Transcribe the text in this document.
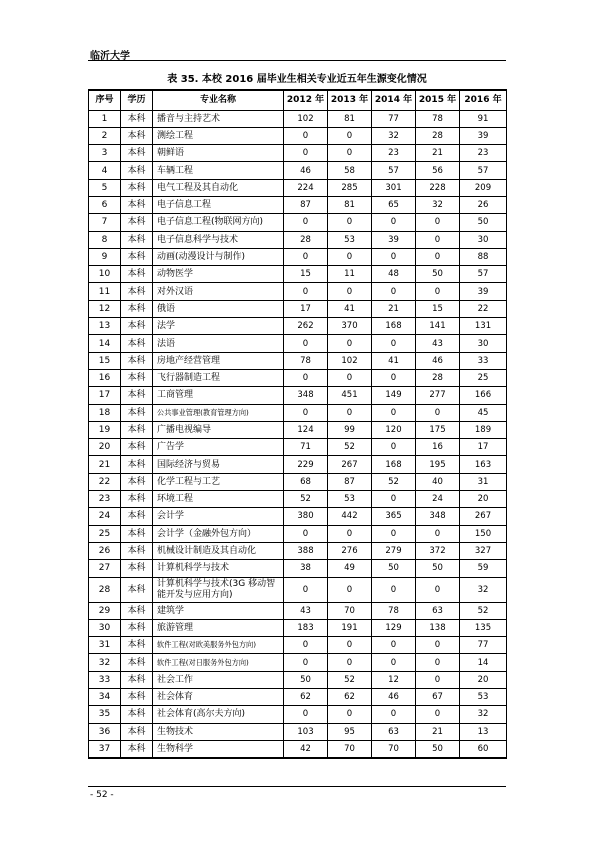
临沂大学
表 35. 本校 2016 届毕业生相关专业近五年生源变化情况
序号	学历	专业名称	2012 年	2013 年	2014 年	2015 年	2016 年
1	本科	播音与主持艺术	102	81	77	78	91
2	本科	测绘工程	0	0	32	28	39
3	本科	朝鲜语	0	0	23	21	23
4	本科	车辆工程	46	58	57	56	57
5	本科	电气工程及其自动化	224	285	301	228	209
6	本科	电子信息工程	87	81	65	32	26
7	本科	电子信息工程(物联网方向)	0	0	0	0	50
8	本科	电子信息科学与技术	28	53	39	0	30
9	本科	动画(动漫设计与制作)	0	0	0	0	88
10	本科	动物医学	15	11	48	50	57
11	本科	对外汉语	0	0	0	0	39
12	本科	俄语	17	41	21	15	22
13	本科	法学	262	370	168	141	131
14	本科	法语	0	0	0	43	30
15	本科	房地产经营管理	78	102	41	46	33
16	本科	飞行器制造工程	0	0	0	28	25
17	本科	工商管理	348	451	149	277	166
18	本科	公共事业管理(教育管理方向)	0	0	0	0	45
19	本科	广播电视编导	124	99	120	175	189
20	本科	广告学	71	52	0	16	17
21	本科	国际经济与贸易	229	267	168	195	163
22	本科	化学工程与工艺	68	87	52	40	31
23	本科	环境工程	52	53	0	24	20
24	本科	会计学	380	442	365	348	267
25	本科	会计学（金融外包方向）	0	0	0	0	150
26	本科	机械设计制造及其自动化	388	276	279	372	327
27	本科	计算机科学与技术	38	49	50	50	59
28	本科	计算机科学与技术(3G 移动智能开发与应用方向)	0	0	0	0	32
29	本科	建筑学	43	70	78	63	52
30	本科	旅游管理	183	191	129	138	135
31	本科	软件工程(对欧美服务外包方向)	0	0	0	0	77
32	本科	软件工程(对日服务外包方向)	0	0	0	0	14
33	本科	社会工作	50	52	12	0	20
34	本科	社会体育	62	62	46	67	53
35	本科	社会体育(高尔夫方向)	0	0	0	0	32
36	本科	生物技术	103	95	63	21	13
37	本科	生物科学	42	70	70	50	60
- 52 -
